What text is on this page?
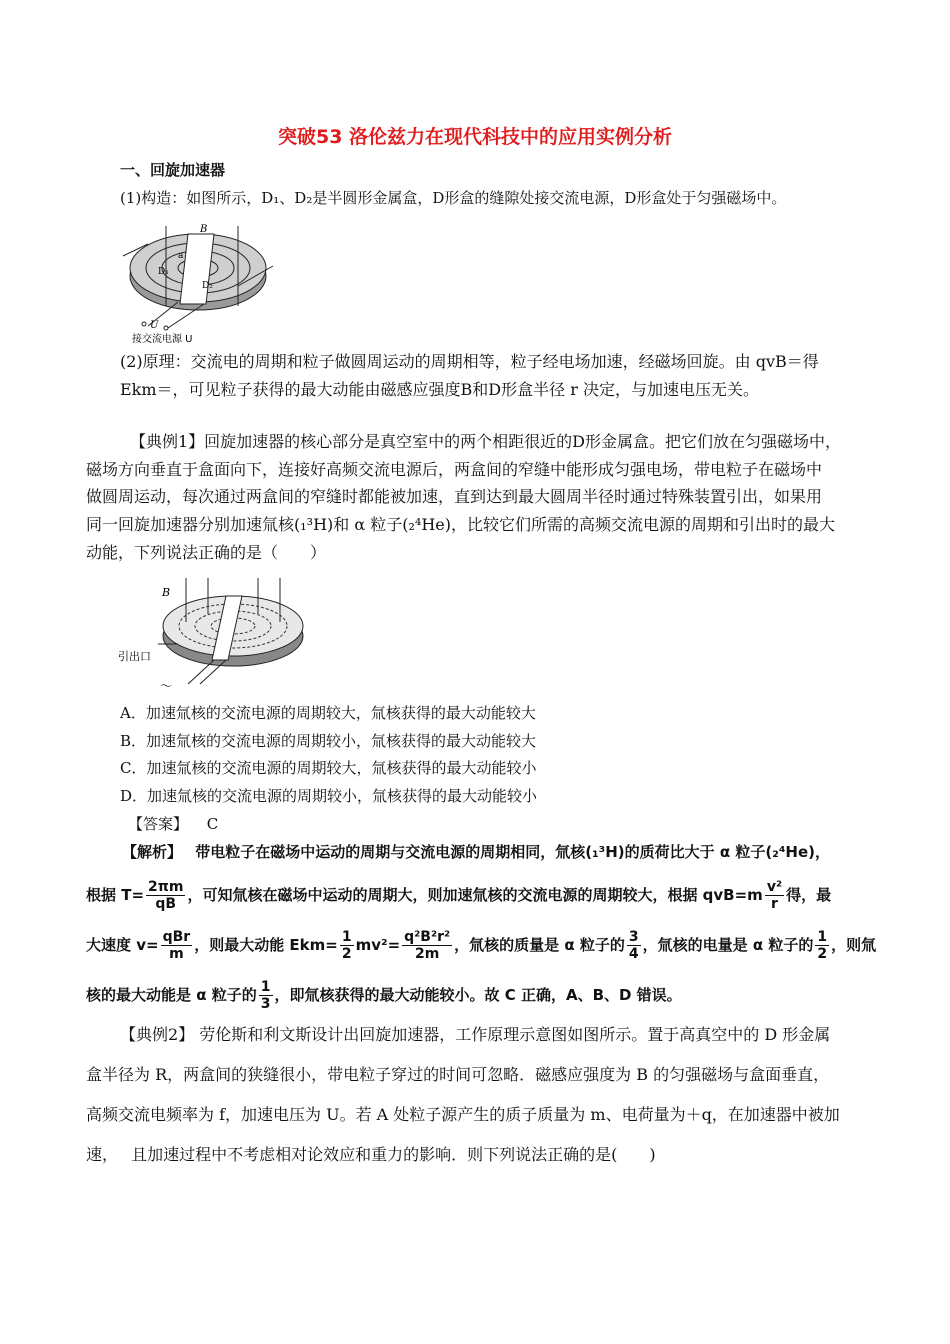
突破53 洛伦兹力在现代科技中的应用实例分析
一、回旋加速器
(1)构造：如图所示，D₁、D₂是半圆形金属盒，D形盒的缝隙处接交流电源，D形盒处于匀强磁场中。
B
a
D₁
D₂
U
接交流电源 U
(2)原理：交流电的周期和粒子做圆周运动的周期相等，粒子经电场加速，经磁场回旋。由 qvB＝得
Ekm＝，可见粒子获得的最大动能由磁感应强度B和D形盒半径 r 决定，与加速电压无关。
【典例1】回旋加速器的核心部分是真空室中的两个相距很近的D形金属盒。把它们放在匀强磁场中，
磁场方向垂直于盒面向下，连接好高频交流电源后，两盒间的窄缝中能形成匀强电场，带电粒子在磁场中
做圆周运动，每次通过两盒间的窄缝时都能被加速，直到达到最大圆周半径时通过特殊装置引出，如果用
同一回旋加速器分别加速氚核(₁³H)和 α 粒子(₂⁴He)，比较它们所需的高频交流电源的周期和引出时的最大
动能，下列说法正确的是（　　）
B
引出口
～
A．加速氚核的交流电源的周期较大，氚核获得的最大动能较大
B．加速氚核的交流电源的周期较小，氚核获得的最大动能较大
C．加速氚核的交流电源的周期较大，氚核获得的最大动能较小
D．加速氚核的交流电源的周期较小，氚核获得的最大动能较小
【答案】 C
【解析】 带电粒子在磁场中运动的周期与交流电源的周期相同，氚核(₁³H)的质荷比大于 α 粒子(₂⁴He)，
根据 $T= \frac{2\pi m}{qB}$ ，可知氚核在磁场中运动的周期大，则加速氚核的交流电源的周期较大，根据 $qvB=m \frac{\text{v²}}{r}$ 得，最
大速度 $v= \frac{\text{qBr}}{m}$ ，则最大动能 $Ekm= \frac{1}{2} mv^2= \frac{\text{q²B²r²}}{2m}$ ，氚核的质量是 α 粒子的 $\frac{3}{4}$ ，氚核的电量是 α 粒子的 $\frac{1}{2}$ ，则氚
核的最大动能是 α 粒子的 $\frac{1}{3}$ ，即氚核获得的最大动能较小。故 C 正确，A、B、D 错误。
【典例2】 劳伦斯和利文斯设计出回旋加速器，工作原理示意图如图所示。置于高真空中的 D 形金属
盒半径为 R，两盒间的狭缝很小，带电粒子穿过的时间可忽略．磁感应强度为 B 的匀强磁场与盒面垂直，
高频交流电频率为 f，加速电压为 U。若 A 处粒子源产生的质子质量为 m、电荷量为＋q，在加速器中被加
速，　 且加速过程中不考虑相对论效应和重力的影响．则下列说法正确的是(　　)
